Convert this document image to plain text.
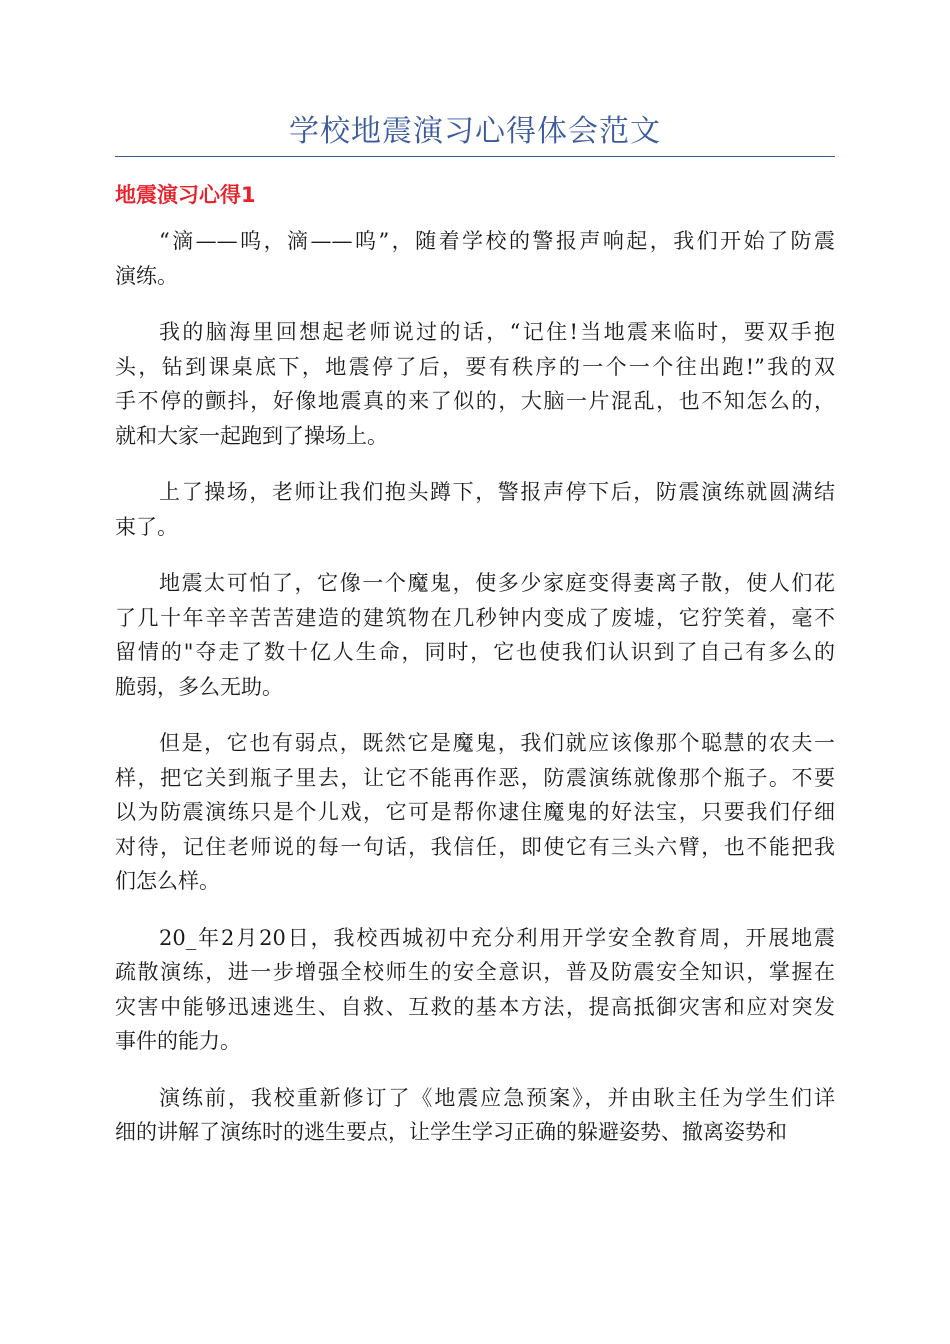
学校地震演习心得体会范文
地震演习心得1
“滴——呜，滴——呜”，随着学校的警报声响起，我们开始了防震
演练。
我的脑海里回想起老师说过的话，“记住!当地震来临时，要双手抱
头，钻到课桌底下，地震停了后，要有秩序的一个一个往出跑!”我的双
手不停的颤抖，好像地震真的来了似的，大脑一片混乱，也不知怎么的，
就和大家一起跑到了操场上。
上了操场，老师让我们抱头蹲下，警报声停下后，防震演练就圆满结
束了。
地震太可怕了，它像一个魔鬼，使多少家庭变得妻离子散，使人们花
了几十年辛辛苦苦建造的建筑物在几秒钟内变成了废墟，它狞笑着，毫不
留情的"夺走了数十亿人生命，同时，它也使我们认识到了自己有多么的
脆弱，多么无助。
但是，它也有弱点，既然它是魔鬼，我们就应该像那个聪慧的农夫一
样，把它关到瓶子里去，让它不能再作恶，防震演练就像那个瓶子。不要
以为防震演练只是个儿戏，它可是帮你逮住魔鬼的好法宝，只要我们仔细
对待，记住老师说的每一句话，我信任，即使它有三头六臂，也不能把我
们怎么样。
20_年2月20日，我校西城初中充分利用开学安全教育周，开展地震
疏散演练，进一步增强全校师生的安全意识，普及防震安全知识，掌握在
灾害中能够迅速逃生、自救、互救的基本方法，提高抵御灾害和应对突发
事件的能力。
演练前，我校重新修订了《地震应急预案》，并由耿主任为学生们详
细的讲解了演练时的逃生要点，让学生学习正确的躲避姿势、撤离姿势和
